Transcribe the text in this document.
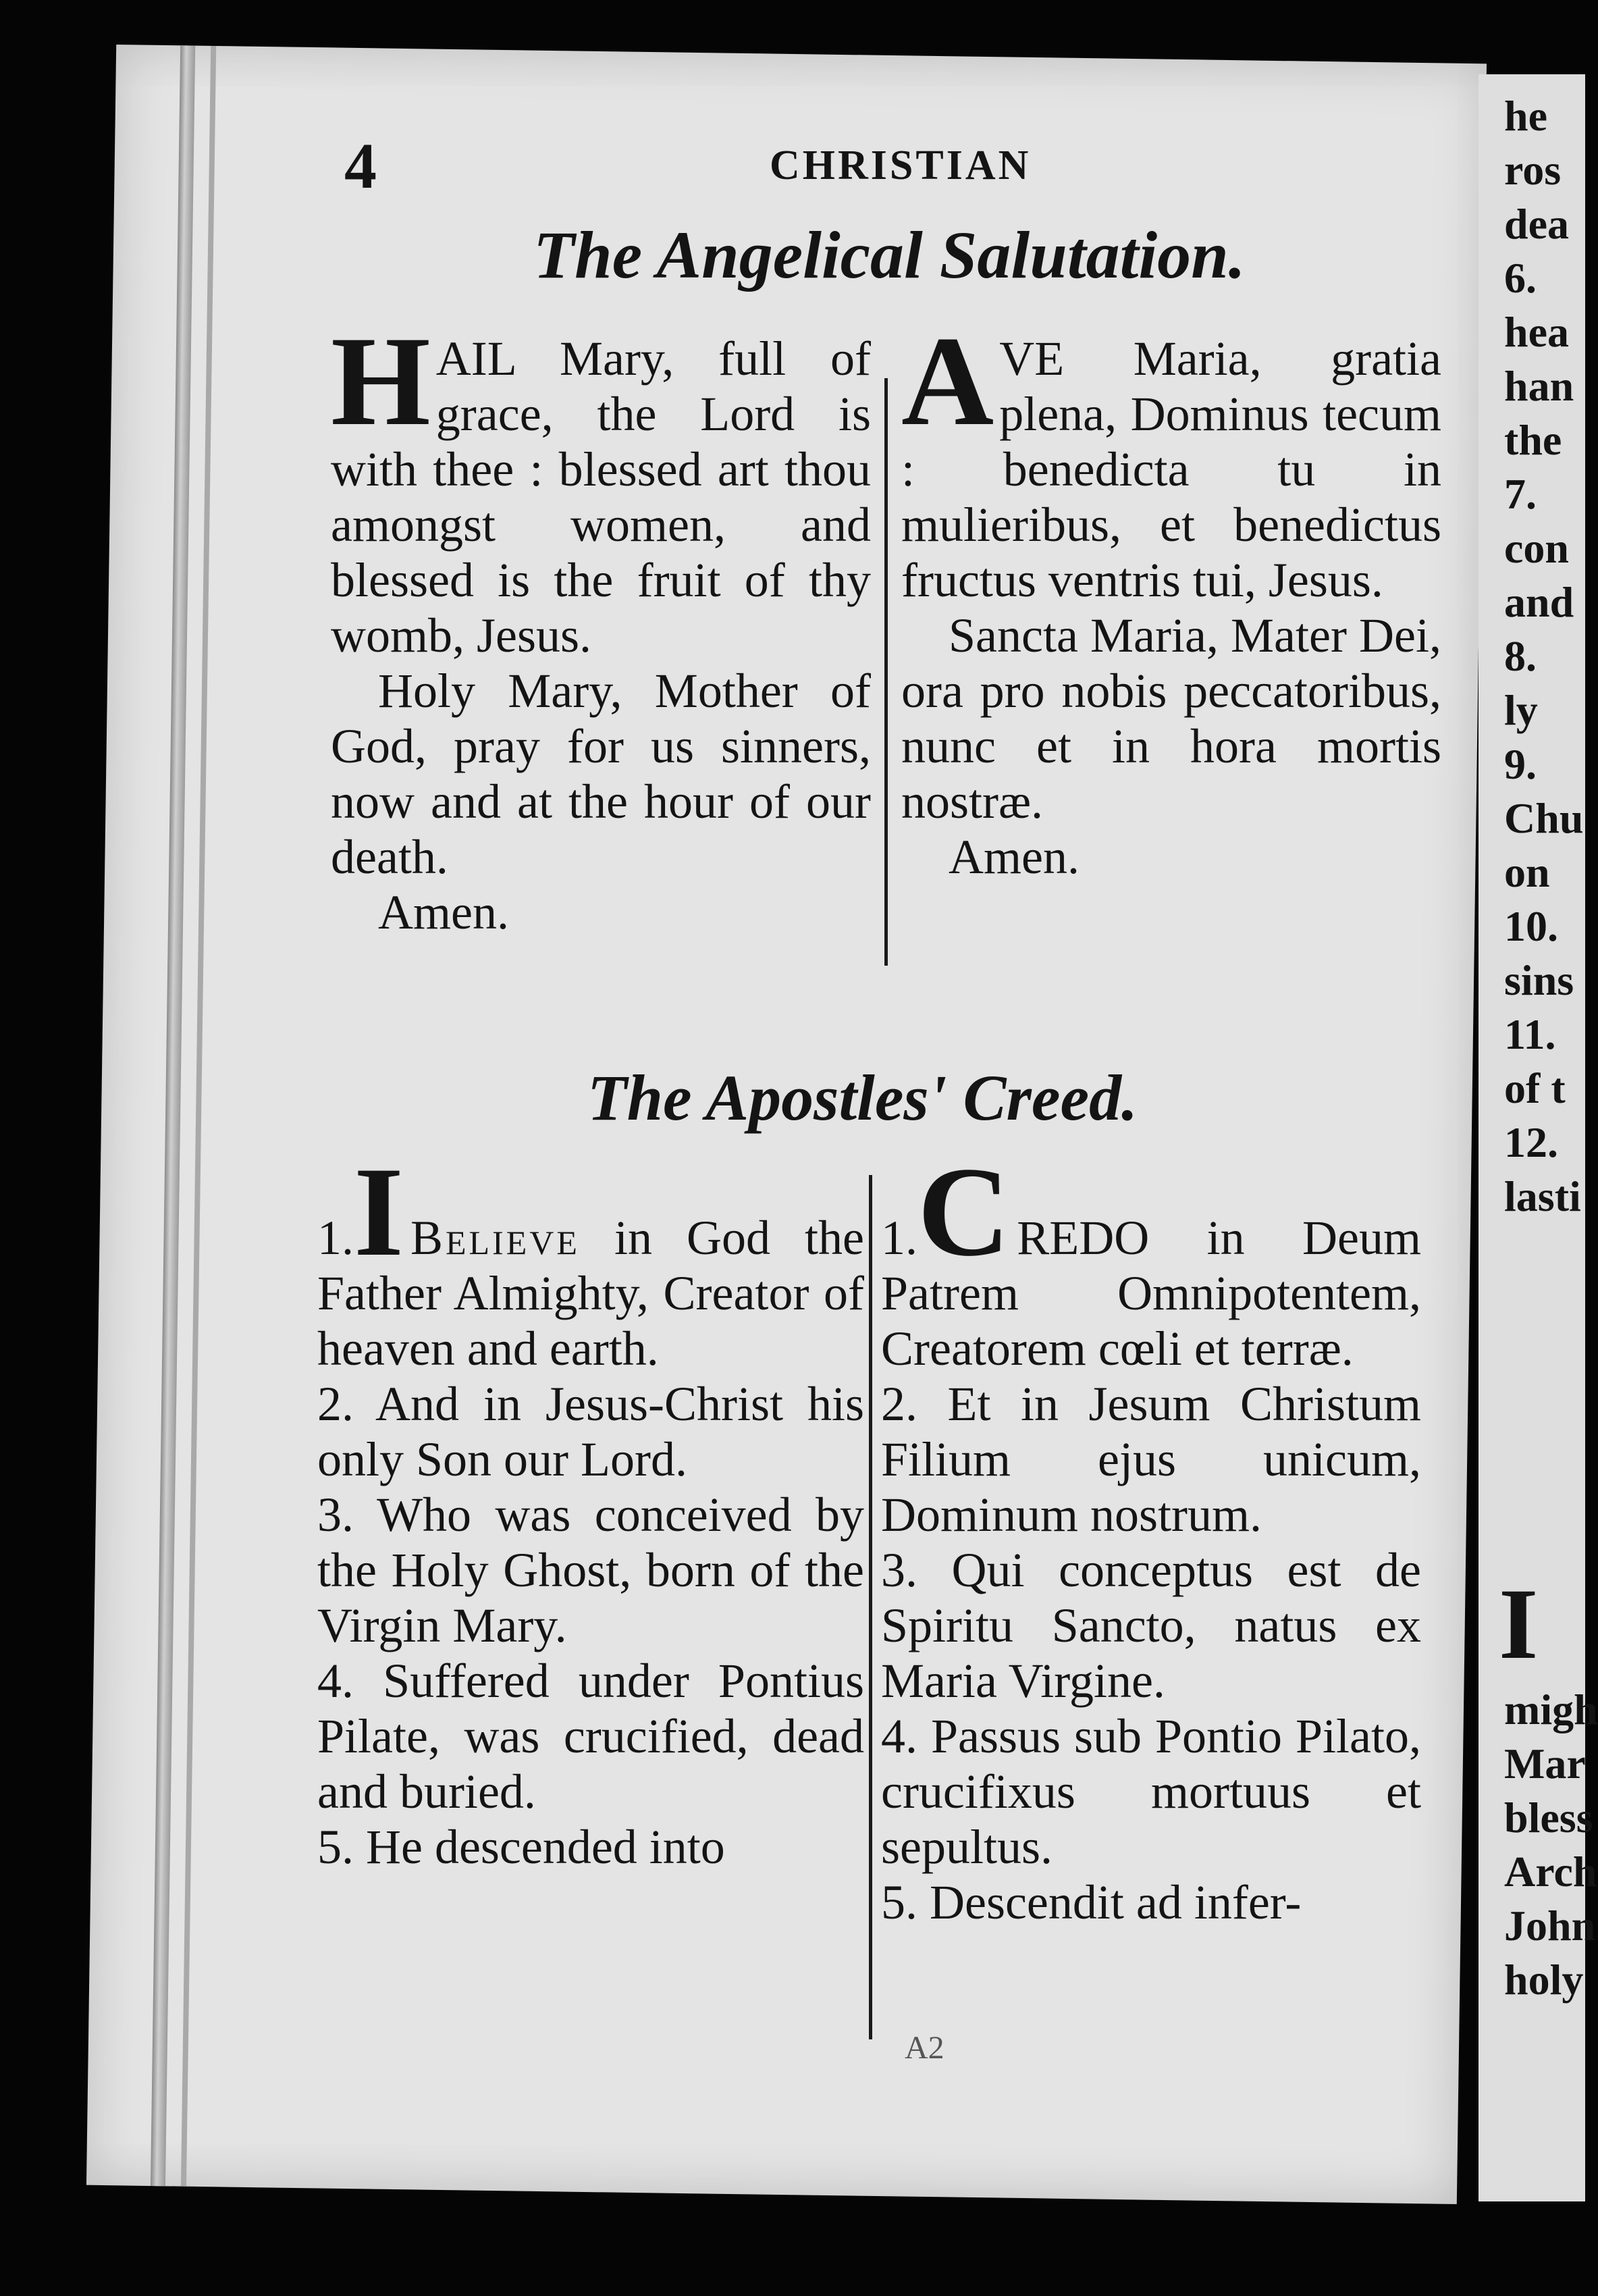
he
ros
dea
6.
hea
han
the
7.
con
and
8.
ly
9.
Chu
on
10.
sins
11.
of t
12.
lasti
I
migh
Mar
bless
Arch
John
holy
4	CHRISTIAN
The Angelical Salutation.
H AIL Mary, full of grace, the Lord is with thee : blessed art thou amongst women, and blessed is the fruit of thy womb, Jesus.

Holy Mary, Mother of God, pray for us sinners, now and at the hour of our death.

Amen.

A VE Maria, gratia plena, Dominus tecum : benedicta tu in mulieribus, et benedictus fructus ventris tui, Jesus.

Sancta Maria, Mater Dei, ora pro nobis peccatoribus, nunc et in hora mortis nostræ.

Amen.

The Apostles' Creed.
1. I Believe in God the Father Almighty, Creator of heaven and earth.

2. And in Jesus-Christ his only Son our Lord.

3. Who was conceived by the Holy Ghost, born of the Virgin Mary.

4. Suffered under Pontius Pilate, was crucified, dead and buried.

5. He descended into

1. C REDO in Deum Patrem Omnipotentem, Creatorem cœli et terræ.

2. Et in Jesum Christum Filium ejus unicum, Dominum nostrum.

3. Qui conceptus est de Spiritu Sancto, natus ex Maria Virgine.

4. Passus sub Pontio Pilato, crucifixus mortuus et sepultus.

5. Descendit ad infer-

A2
